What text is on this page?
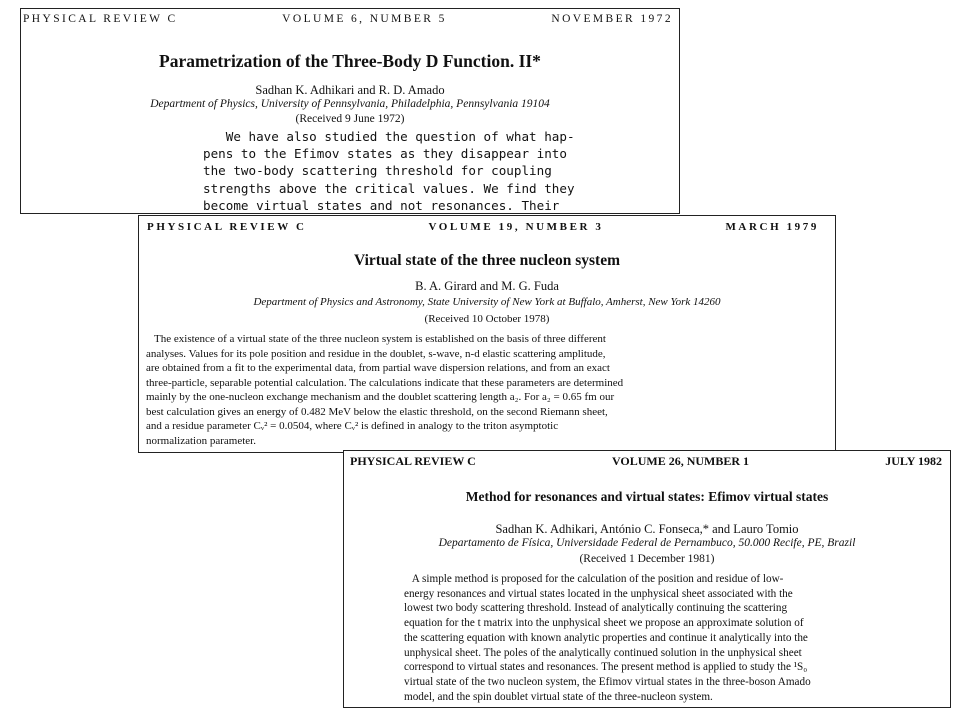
PHYSICAL REVIEW C	VOLUME 6, NUMBER 5	NOVEMBER 1972
Parametrization of the Three-Body D Function. II*
Sadhan K. Adhikari and R. D. Amado
Department of Physics, University of Pennsylvania, Philadelphia, Pennsylvania 19104
(Received 9 June 1972)
We have also studied the question of what hap-
pens to the Efimov states as they disappear into
the two-body scattering threshold for coupling
strengths above the critical values. We find they
become virtual states and not resonances. Their
PHYSICAL REVIEW C	VOLUME 19, NUMBER 3	MARCH 1979
Virtual state of the three nucleon system
B. A. Girard and M. G. Fuda
Department of Physics and Astronomy, State University of New York at Buffalo, Amherst, New York 14260
(Received 10 October 1978)
The existence of a virtual state of the three nucleon system is established on the basis of three different
analyses. Values for its pole position and residue in the doublet, s-wave, n-d elastic scattering amplitude,
are obtained from a fit to the experimental data, from partial wave dispersion relations, and from an exact
three-particle, separable potential calculation. The calculations indicate that these parameters are determined
mainly by the one-nucleon exchange mechanism and the doublet scattering length a₂. For a₂ = 0.65 fm our
best calculation gives an energy of 0.482 MeV below the elastic threshold, on the second Riemann sheet,
and a residue parameter Cᵥ² = 0.0504, where Cᵥ² is defined in analogy to the triton asymptotic
normalization parameter.
PHYSICAL REVIEW C	VOLUME 26, NUMBER 1	JULY 1982
Method for resonances and virtual states: Efimov virtual states
Sadhan K. Adhikari, António C. Fonseca,* and Lauro Tomio
Departamento de Física, Universidade Federal de Pernambuco, 50.000 Recife, PE, Brazil
(Received 1 December 1981)
A simple method is proposed for the calculation of the position and residue of low-
energy resonances and virtual states located in the unphysical sheet associated with the
lowest two body scattering threshold. Instead of analytically continuing the scattering
equation for the t matrix into the unphysical sheet we propose an approximate solution of
the scattering equation with known analytic properties and continue it analytically into the
unphysical sheet. The poles of the analytically continued solution in the unphysical sheet
correspond to virtual states and resonances. The present method is applied to study the ¹S₀
virtual state of the two nucleon system, the Efimov virtual states in the three-boson Amado
model, and the spin doublet virtual state of the three-nucleon system.
